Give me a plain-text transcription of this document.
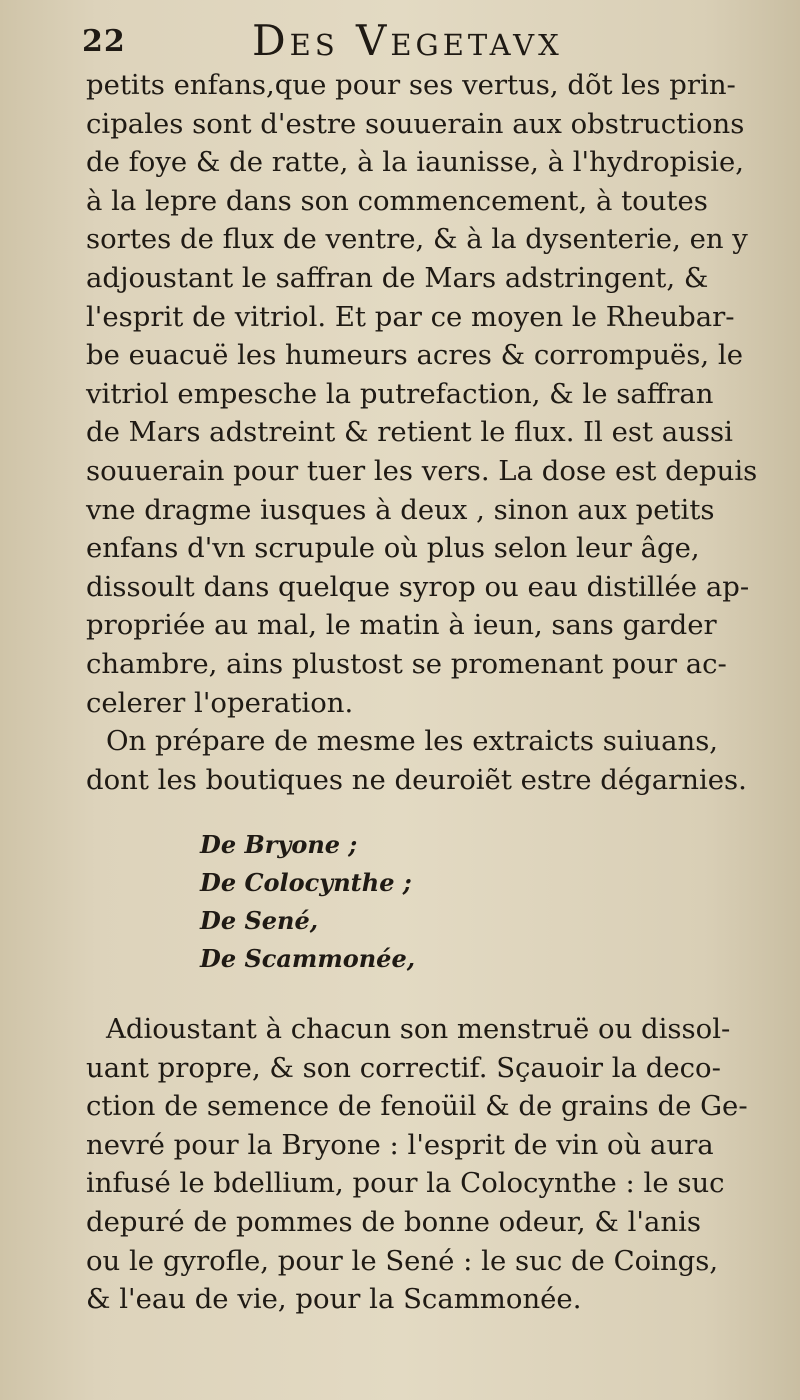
22	Des Vegetavx
petits enfans,que pour ses vertus, dõt les prin-
cipales sont d'estre souuerain aux obstructions
de foye & de ratte, à la iaunisse, à l'hydropisie,
à la lepre dans son commencement, à toutes
sortes de flux de ventre, & à la dysenterie, en y
adjoustant le saffran de Mars adstringent, &
l'esprit de vitriol. Et par ce moyen le Rheubar-
be euacuë les humeurs acres & corrompuës, le
vitriol empesche la putrefaction, & le saffran
de Mars adstreint & retient le flux. Il est aussi
souuerain pour tuer les vers. La dose est depuis
vne dragme iusques à deux , sinon aux petits
enfans d'vn scrupule où plus selon leur âge,
dissoult dans quelque syrop ou eau distillée ap-
propriée au mal, le matin à ieun, sans garder
chambre, ains plustost se promenant pour ac-
celerer l'operation.
On prépare de mesme les extraicts suiuans,
dont les boutiques ne deuroiẽt estre dégarnies.
De Bryone ;
De Colocynthe ;
De Sené,
De Scammonée,
Adioustant à chacun son menstruë ou dissol-
uant propre, & son correctif. Sçauoir la deco-
ction de semence de fenoüil & de grains de Ge-
nevré pour la Bryone : l'esprit de vin où aura
infusé le bdellium, pour la Colocynthe : le suc
depuré de pommes de bonne odeur, & l'anis
ou le gyrofle, pour le Sené : le suc de Coings,
& l'eau de vie, pour la Scammonée.
